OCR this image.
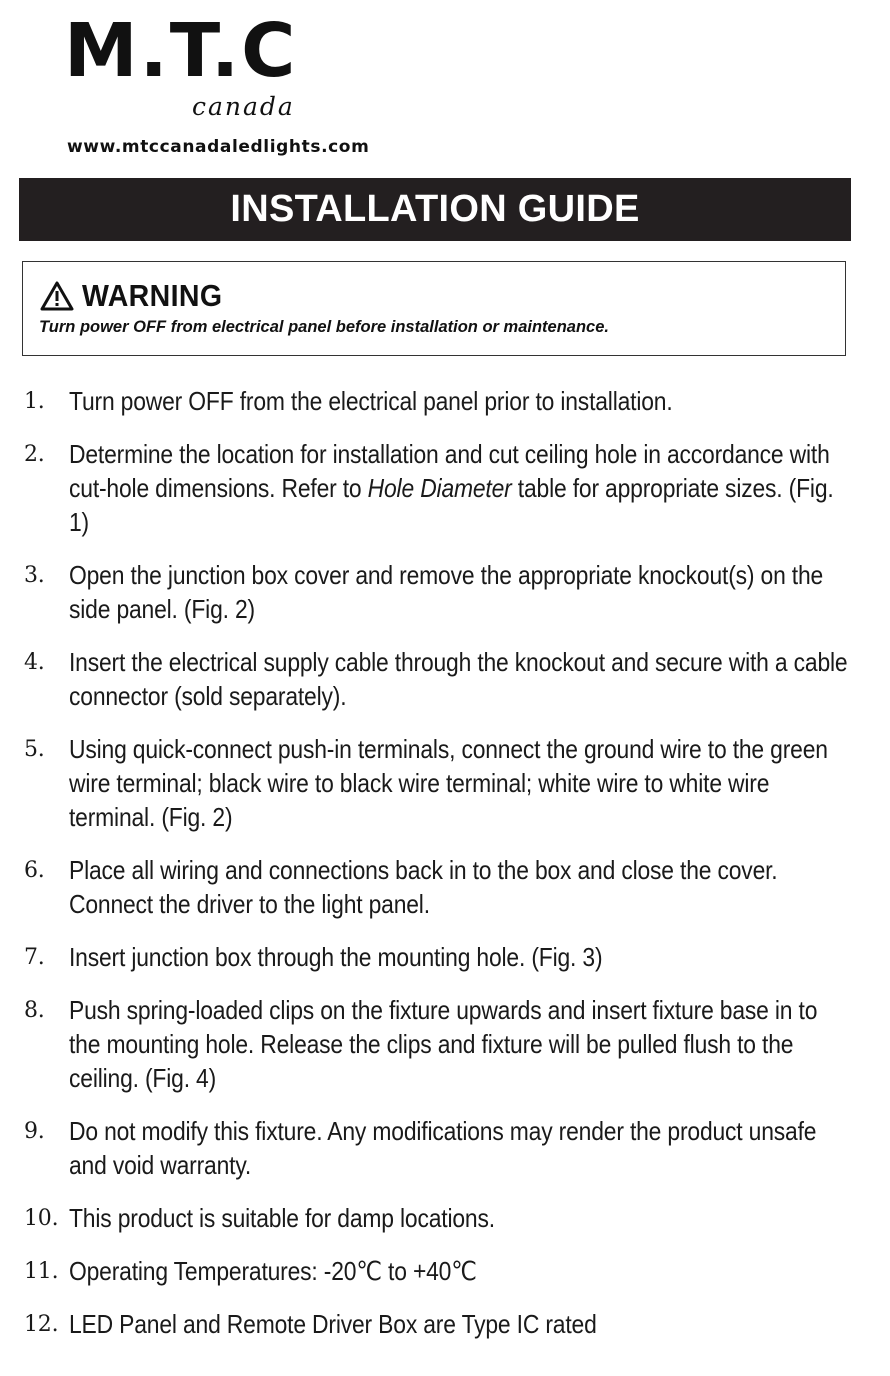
M.T.C
canada
www.mtccanadaledlights.com
INSTALLATION GUIDE
WARNING
Turn power OFF from electrical panel before installation or maintenance.
1. Turn power OFF from the electrical panel prior to installation.
2. Determine the location for installation and cut ceiling hole in accordance with cut-hole dimensions. Refer to Hole Diameter table for appropriate sizes. (Fig. 1)
3. Open the junction box cover and remove the appropriate knockout(s) on the side panel. (Fig. 2)
4. Insert the electrical supply cable through the knockout and secure with a cable connector (sold separately).
5. Using quick-connect push-in terminals, connect the ground wire to the green wire terminal; black wire to black wire terminal; white wire to white wire terminal. (Fig. 2)
6. Place all wiring and connections back in to the box and close the cover. Connect the driver to the light panel.
7. Insert junction box through the mounting hole. (Fig. 3)
8. Push spring-loaded clips on the fixture upwards and insert fixture base in to the mounting hole. Release the clips and fixture will be pulled flush to the ceiling. (Fig. 4)
9. Do not modify this fixture. Any modifications may render the product unsafe and void warranty.
10. This product is suitable for damp locations.
11. Operating Temperatures: -20℃ to +40℃
12. LED Panel and Remote Driver Box are Type IC rated
